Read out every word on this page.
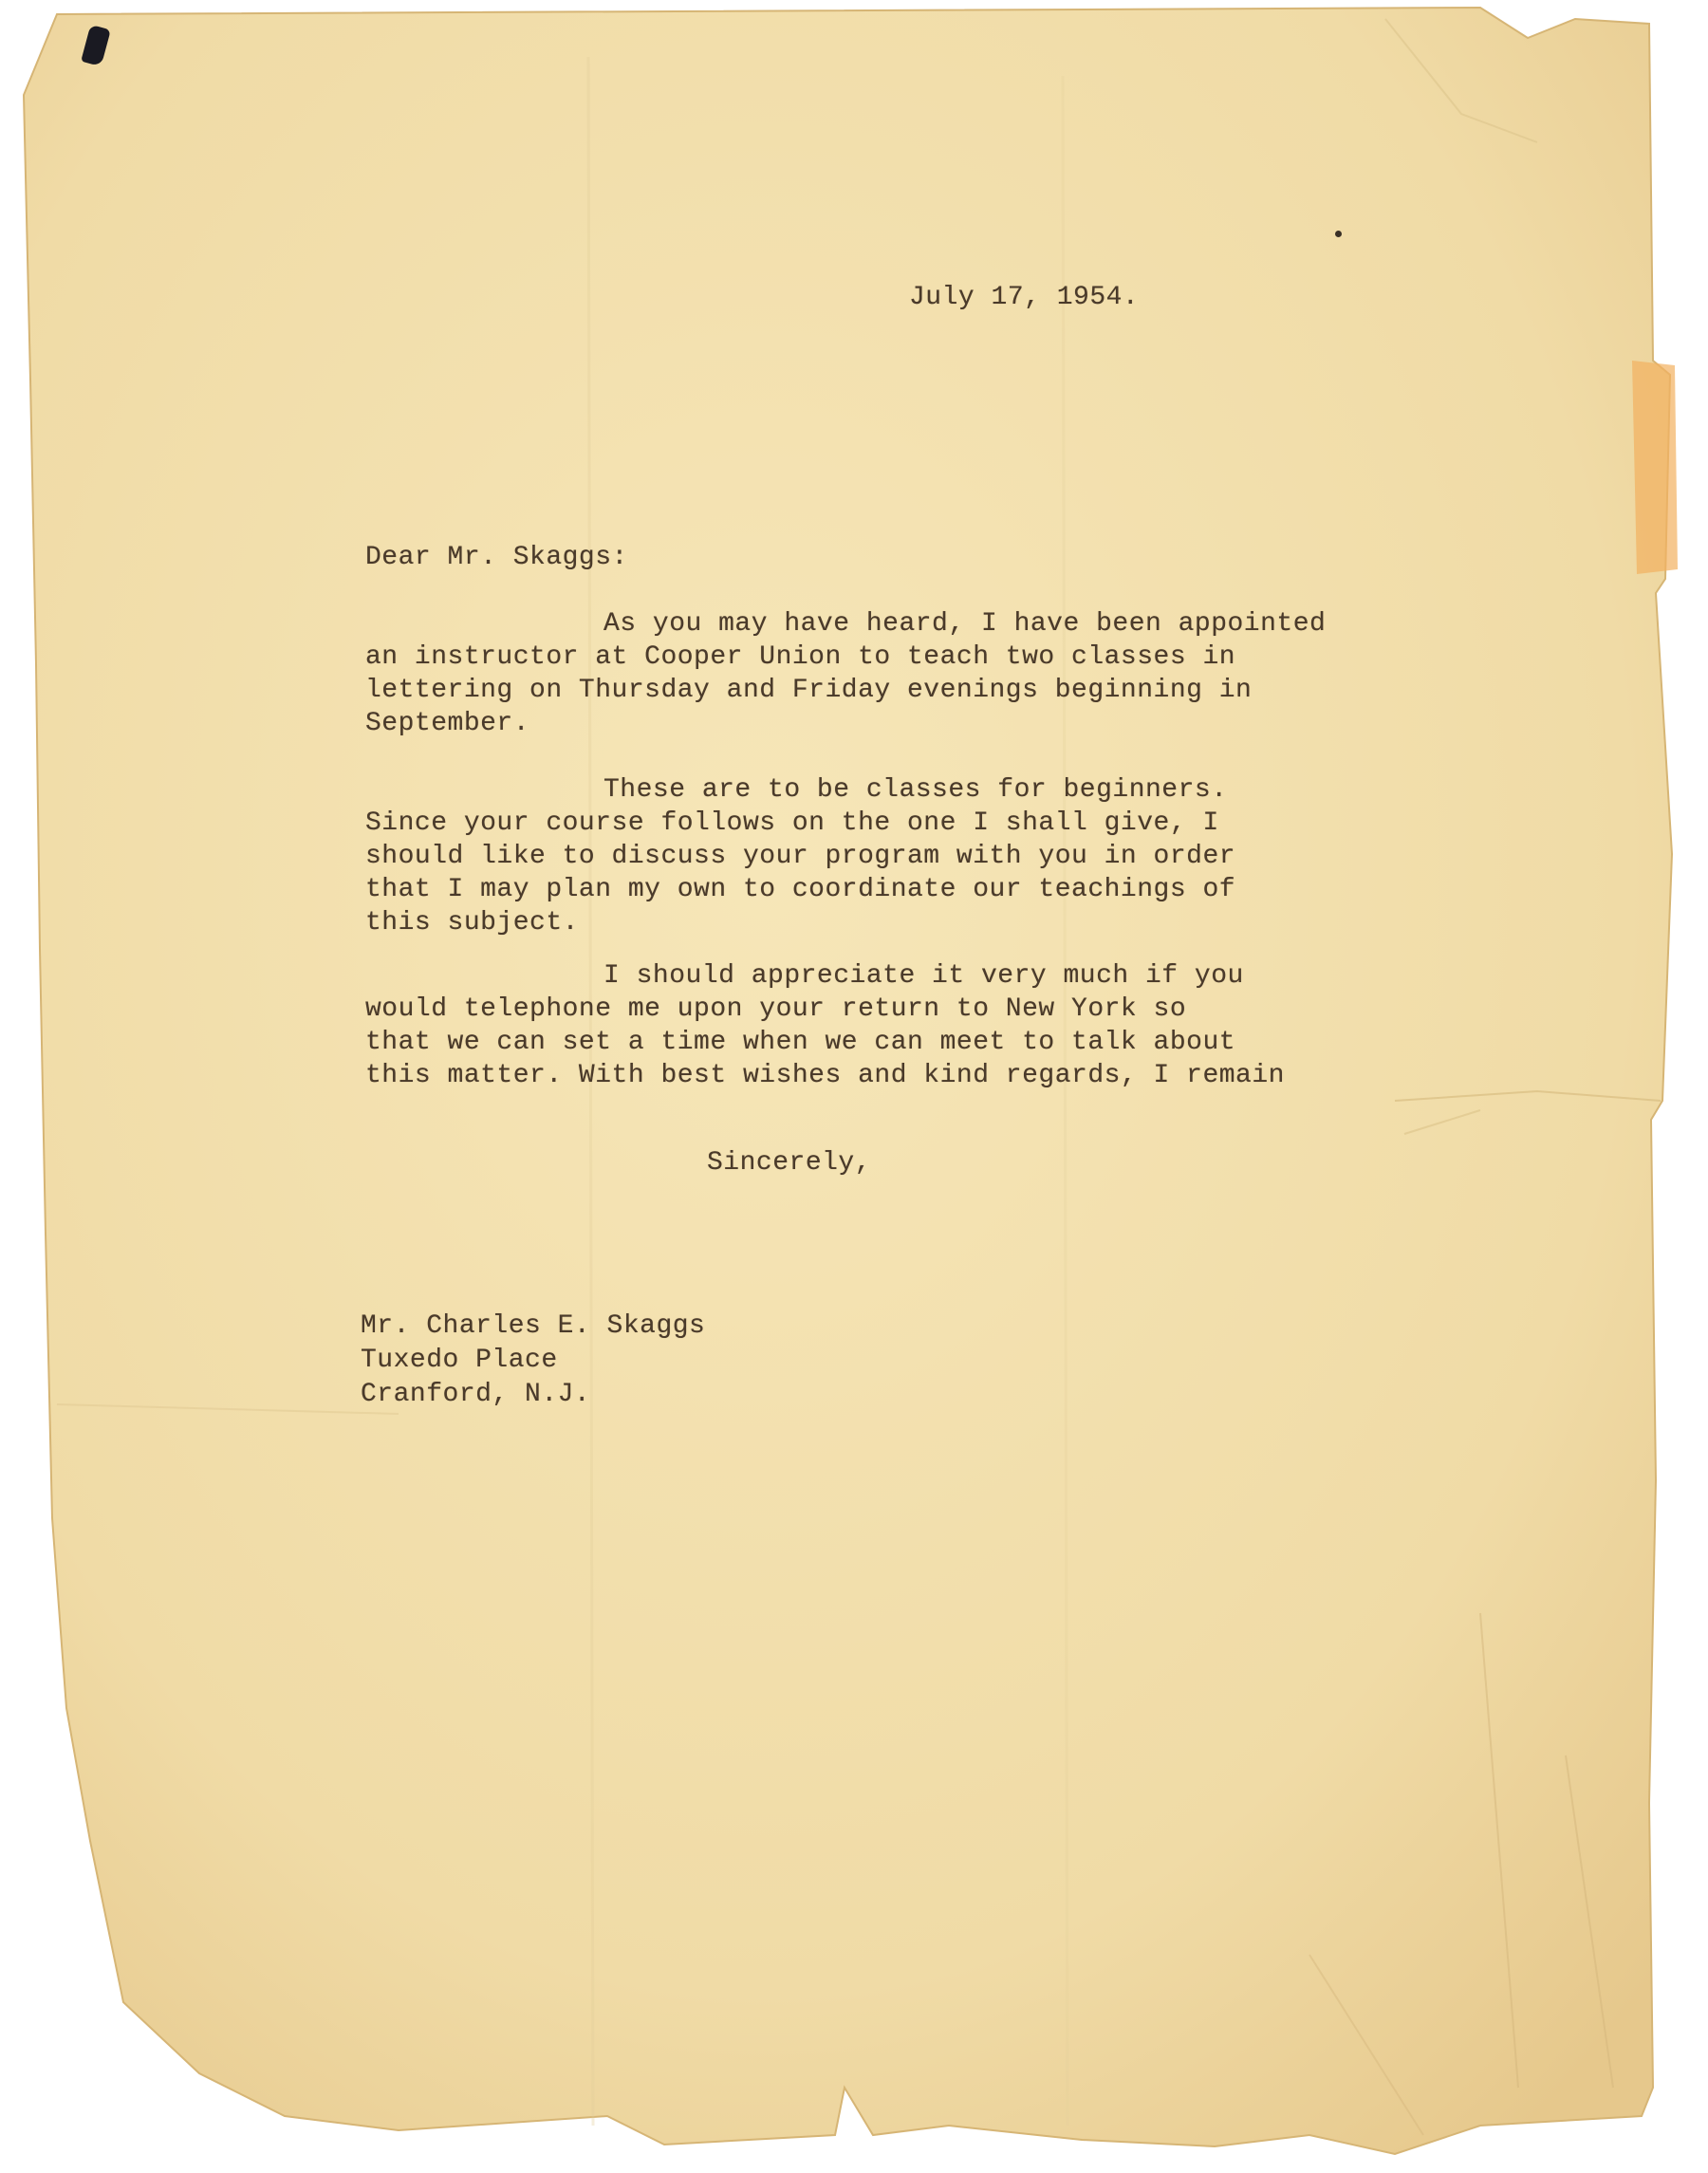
July 17, 1954.
Dear Mr. Skaggs:
As you may have heard, I have been appointed
an instructor at Cooper Union to teach two classes in
lettering on Thursday and Friday evenings beginning in
September.
These are to be classes for beginners.
Since your course follows on the one I shall give, I
should like to discuss your program with you in order
that I may plan my own to coordinate our teachings of
this subject.
I should appreciate it very much if you
would telephone me upon your return to New York so
that we can set a time when we can meet to talk about
this matter. With best wishes and kind regards, I remain
Sincerely,
Mr. Charles E. Skaggs
Tuxedo Place
Cranford, N.J.
